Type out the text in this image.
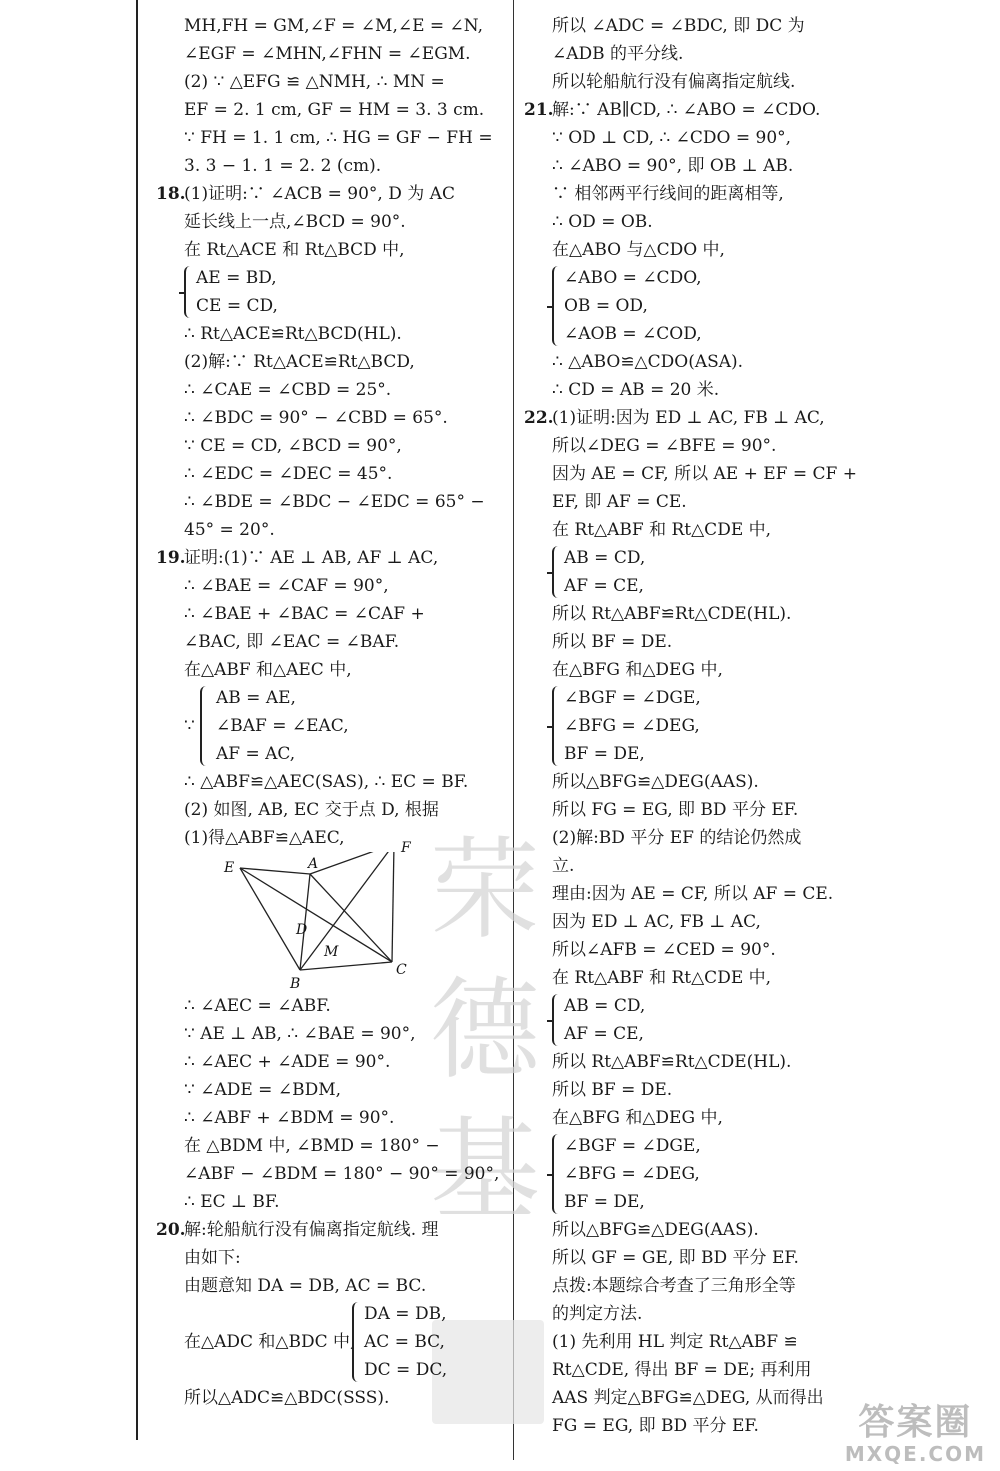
荣德基
MH,FH = GM,∠F = ∠M,∠E = ∠N,
∠EGF = ∠MHN,∠FHN = ∠EGM.
(2) ∵ △EFG ≌ △NMH, ∴ MN =
EF = 2. 1 cm, GF = HM = 3. 3 cm.
∵ FH = 1. 1 cm, ∴ HG = GF − FH =
3. 3 − 1. 1 = 2. 2 (cm).
18.(1)证明:∵ ∠ACB = 90°, D 为 AC
延长线上一点,∠BCD = 90°.
在 Rt△ACE 和 Rt△BCD 中,
AE = BD,
CE = CD,
∴ Rt△ACE≌Rt△BCD(HL).
(2)解:∵ Rt△ACE≌Rt△BCD,
∴ ∠CAE = ∠CBD = 25°.
∴ ∠BDC = 90° − ∠CBD = 65°.
∵ CE = CD, ∠BCD = 90°,
∴ ∠EDC = ∠DEC = 45°.
∴ ∠BDE = ∠BDC − ∠EDC = 65° −
45° = 20°.
19.证明:(1)∵ AE ⊥ AB, AF ⊥ AC,
∴ ∠BAE = ∠CAF = 90°,
∴ ∠BAE + ∠BAC = ∠CAF +
∠BAC, 即 ∠EAC = ∠BAF.
在△ABF 和△AEC 中,
∵
AB = AE,
∠BAF = ∠EAC,
AF = AC,
∴ △ABF≌△AEC(SAS), ∴ EC = BF.
(2) 如图, AB, EC 交于点 D, 根据
(1)得△ABF≌△AEC,
E	A
D
M
B
C
F
∴ ∠AEC = ∠ABF.
∵ AE ⊥ AB, ∴ ∠BAE = 90°,
∴ ∠AEC + ∠ADE = 90°.
∵ ∠ADE = ∠BDM,
∴ ∠ABF + ∠BDM = 90°.
在 △BDM 中, ∠BMD = 180° −
∠ABF − ∠BDM = 180° − 90° = 90°,
∴ EC ⊥ BF.
20.解:轮船航行没有偏离指定航线. 理
由如下:
由题意知 DA = DB, AC = BC.
在△ADC 和△BDC 中,
DA = DB,
AC = BC,
DC = DC,
所以△ADC≌△BDC(SSS).
所以 ∠ADC = ∠BDC, 即 DC 为
∠ADB 的平分线.
所以轮船航行没有偏离指定航线.
21.解:∵ AB∥CD, ∴ ∠ABO = ∠CDO.
∵ OD ⊥ CD, ∴ ∠CDO = 90°,
∴ ∠ABO = 90°, 即 OB ⊥ AB.
∵ 相邻两平行线间的距离相等,
∴ OD = OB.
在△ABO 与△CDO 中,
∠ABO = ∠CDO,
OB = OD,
∠AOB = ∠COD,
∴ △ABO≌△CDO(ASA).
∴ CD = AB = 20 米.
22.(1)证明:因为 ED ⊥ AC, FB ⊥ AC,
所以∠DEG = ∠BFE = 90°.
因为 AE = CF, 所以 AE + EF = CF +
EF, 即 AF = CE.
在 Rt△ABF 和 Rt△CDE 中,
AB = CD,
AF = CE,
所以 Rt△ABF≌Rt△CDE(HL).
所以 BF = DE.
在△BFG 和△DEG 中,
∠BGF = ∠DGE,
∠BFG = ∠DEG,
BF = DE,
所以△BFG≌△DEG(AAS).
所以 FG = EG, 即 BD 平分 EF.
(2)解:BD 平分 EF 的结论仍然成
立.
理由:因为 AE = CF, 所以 AF = CE.
因为 ED ⊥ AC, FB ⊥ AC,
所以∠AFB = ∠CED = 90°.
在 Rt△ABF 和 Rt△CDE 中,
AB = CD,
AF = CE,
所以 Rt△ABF≌Rt△CDE(HL).
所以 BF = DE.
在△BFG 和△DEG 中,
∠BGF = ∠DGE,
∠BFG = ∠DEG,
BF = DE,
所以△BFG≌△DEG(AAS).
所以 GF = GE, 即 BD 平分 EF.
点拨:本题综合考查了三角形全等
的判定方法.
(1) 先利用 HL 判定 Rt△ABF ≌
Rt△CDE, 得出 BF = DE; 再利用
AAS 判定△BFG≌△DEG, 从而得出
FG = EG, 即 BD 平分 EF.	答案圈
MXQE.COM
